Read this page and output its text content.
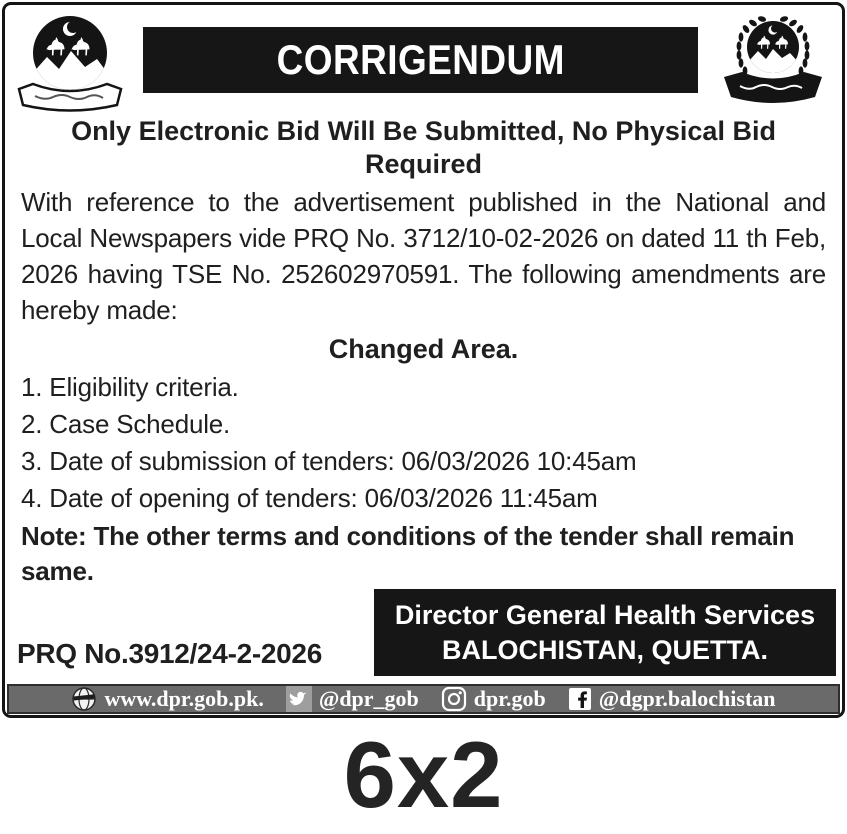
CORRIGENDUM
Only Electronic Bid Will Be Submitted, No Physical Bid
Required

With reference to the advertisement published in the National and Local Newspapers vide PRQ No. 3712/10-02-2026 on dated 11 th Feb, 2026 having TSE No. 252602970591. The following amendments are hereby made:

Changed Area.
1. Eligibility criteria.
2. Case Schedule.
3. Date of submission of tenders: 06/03/2026 10:45am
4. Date of opening of tenders: 06/03/2026 11:45am
Note: The other terms and conditions of the tender shall remain same.
PRQ No.3912/24-2-2026
Director General Health Services
BALOCHISTAN, QUETTA.
www.dpr.gob.pk.	@dpr_gob	dpr.gob @dgpr.balochistan
6x2
